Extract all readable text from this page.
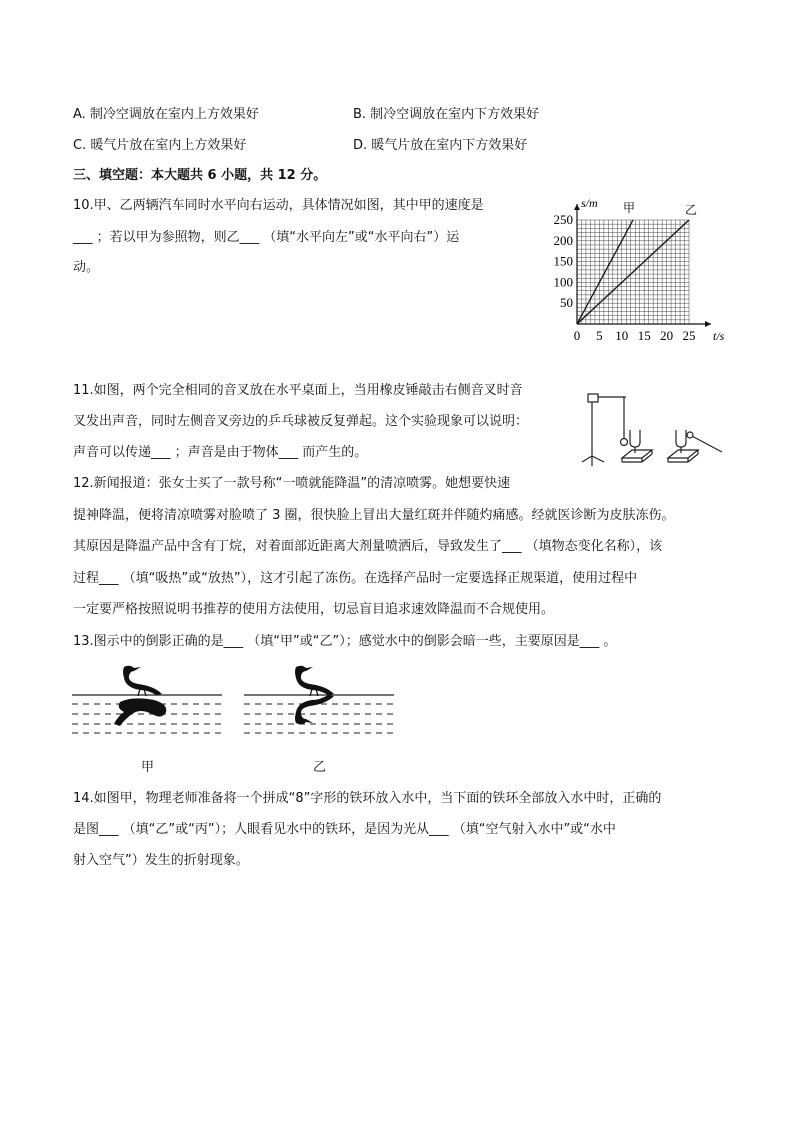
A. 制冷空调放在室内上方效果好	B. 制冷空调放在室内下方效果好
C. 暖气片放在室内上方效果好	D. 暖气片放在室内下方效果好
三、填空题：本大题共 6 小题，共 12 分。
10.甲、乙两辆汽车同时水平向右运动，具体情况如图，其中甲的速度是
___ ；若以甲为参照物，则乙___ （填“水平向左”或“水平向右”）运
动。
甲	乙
0 5 10 15 20 25
50
100
150
200
250
s/m
t/s
11.如图，两个完全相同的音叉放在水平桌面上，当用橡皮锤敲击右侧音叉时音
叉发出声音，同时左侧音叉旁边的乒乓球被反复弹起。这个实验现象可以说明：
声音可以传递___ ；声音是由于物体___ 而产生的。
12.新闻报道：张女士买了一款号称“一喷就能降温”的清凉喷雾。她想要快速
提神降温，便将清凉喷雾对脸喷了 3 圈，很快脸上冒出大量红斑并伴随灼痛感。经就医诊断为皮肤冻伤。
其原因是降温产品中含有丁烷，对着面部近距离大剂量喷洒后，导致发生了___ （填物态变化名称），该
过程___ （填“吸热”或“放热”），这才引起了冻伤。在选择产品时一定要选择正规渠道，使用过程中
一定要严格按照说明书推荐的使用方法使用，切忌盲目追求速效降温而不合规使用。
13.图示中的倒影正确的是___ （填“甲”或“乙”）；感觉水中的倒影会暗一些，主要原因是___ 。
甲	乙
14.如图甲，物理老师准备将一个拼成“8”字形的铁环放入水中，当下面的铁环全部放入水中时，正确的
是图___ （填“乙”或“丙”）；人眼看见水中的铁环，是因为光从___ （填“空气射入水中”或“水中
射入空气”）发生的折射现象。
